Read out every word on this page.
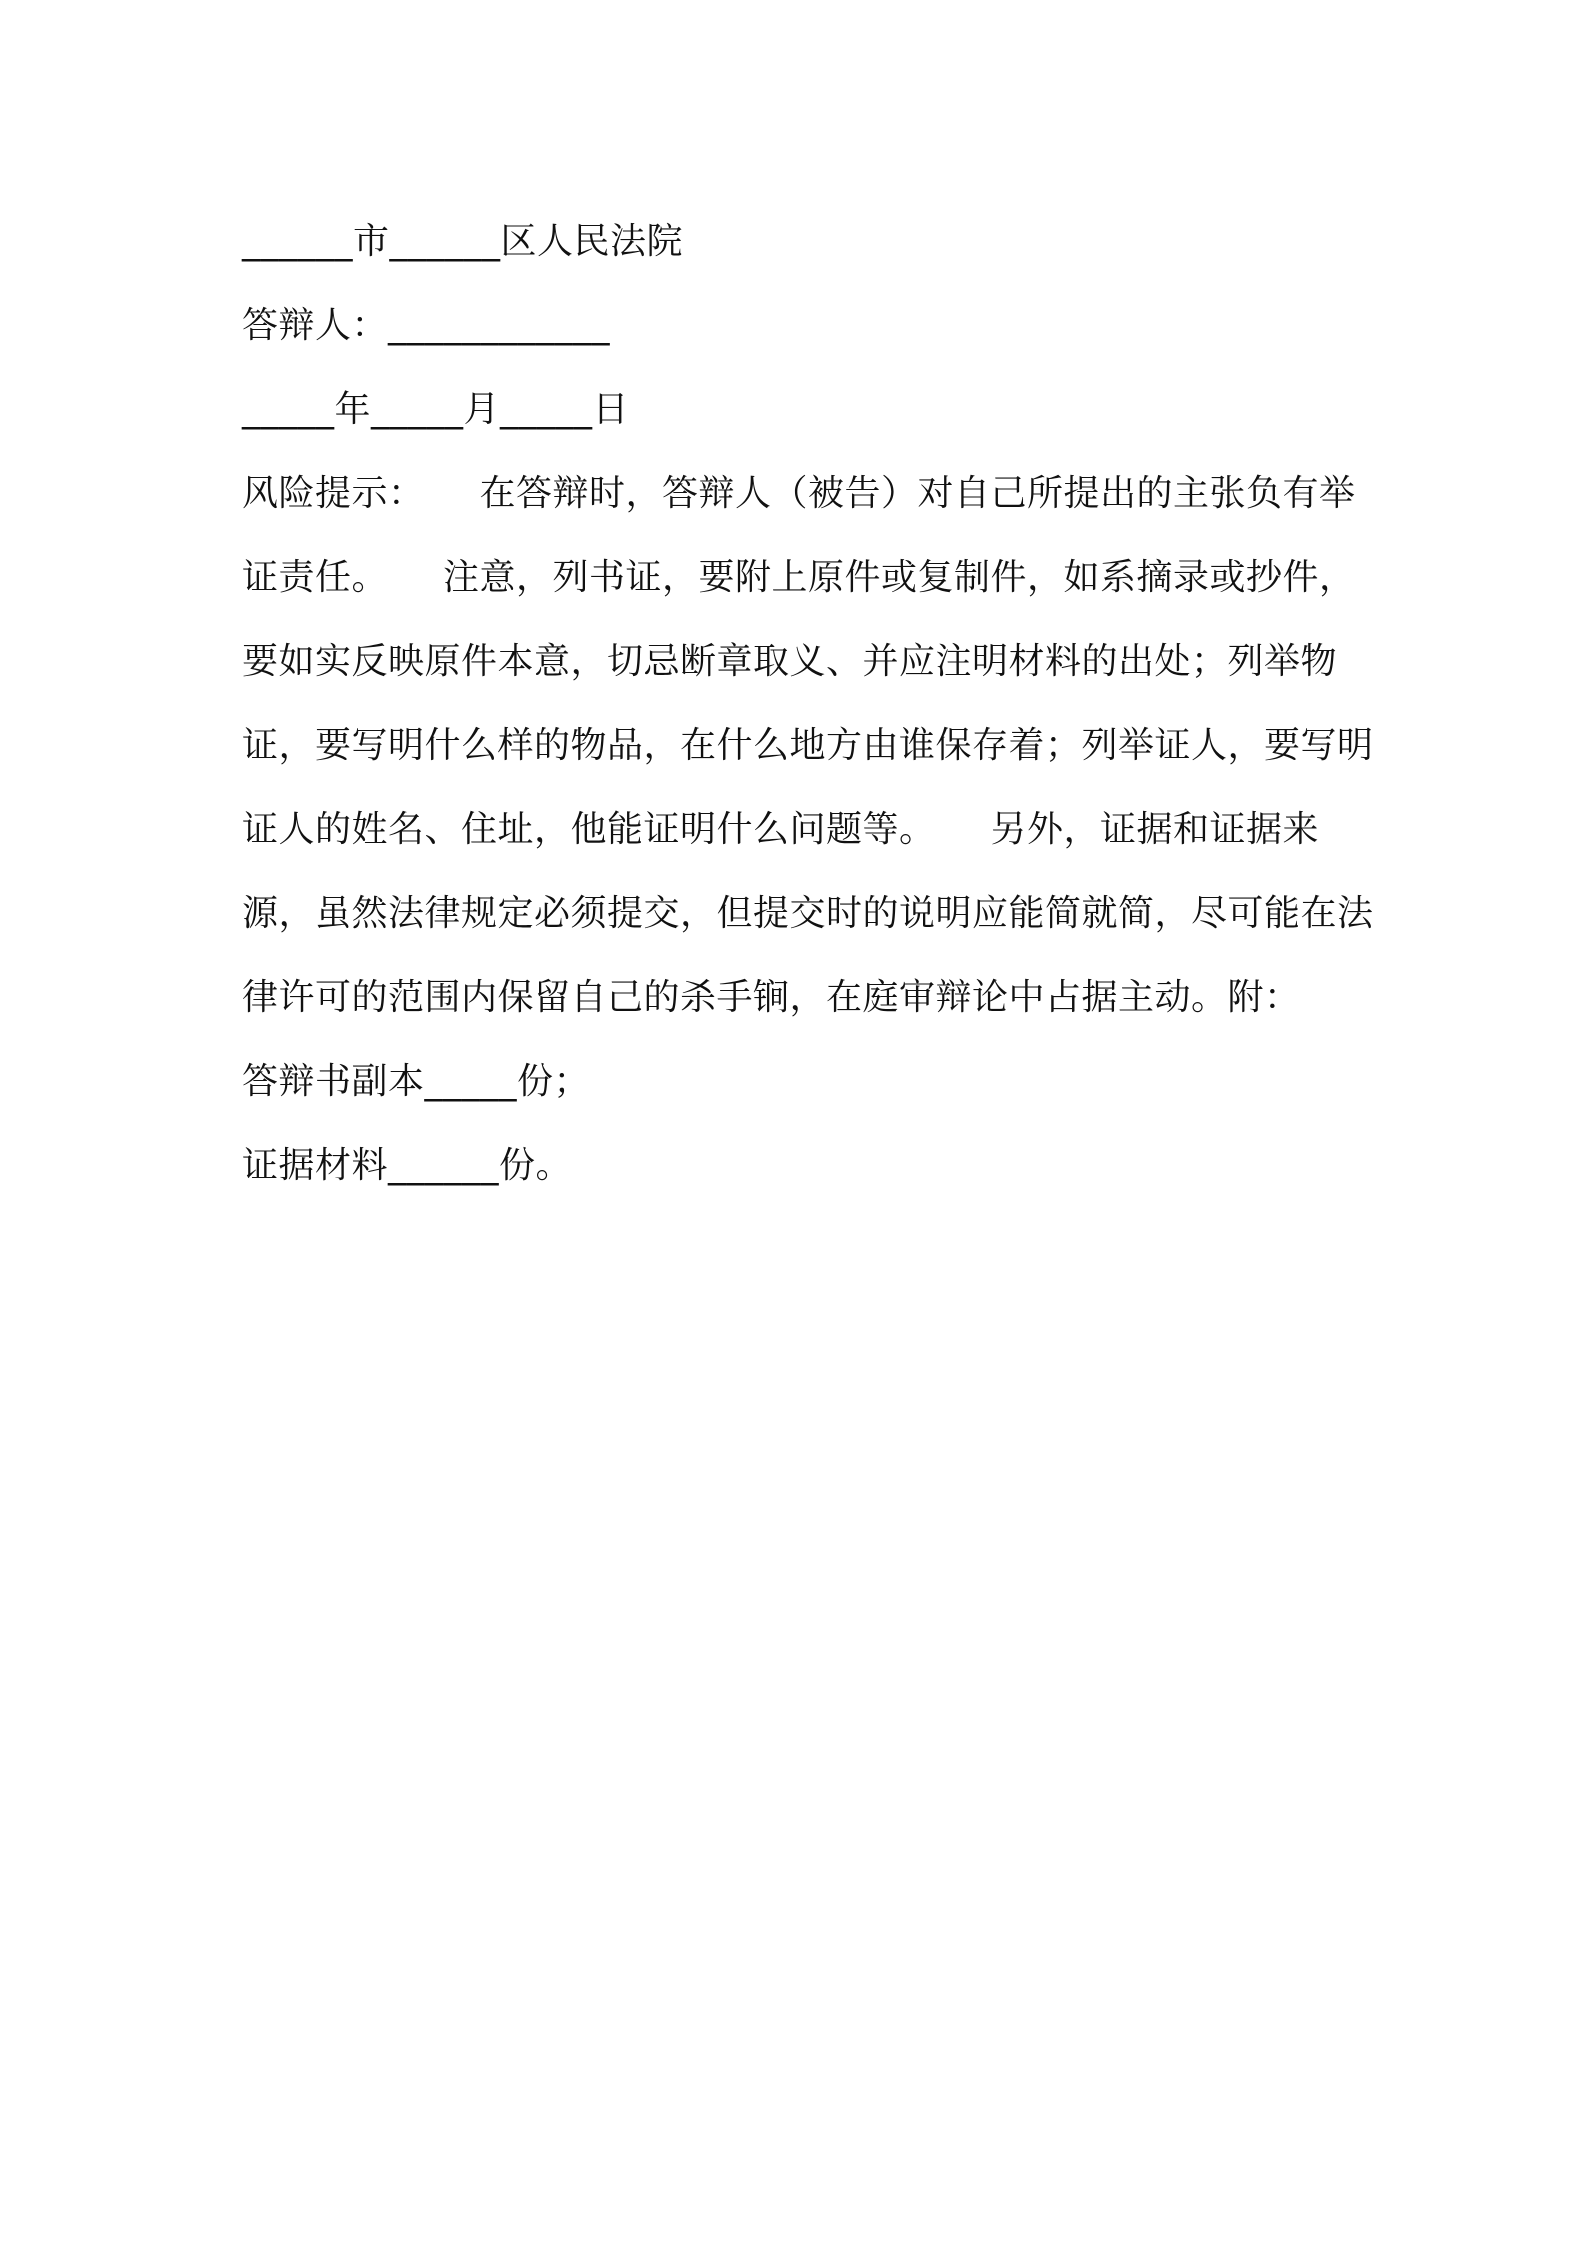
______市______区人民法院

答辩人：____________

_____年_____月_____日

风险提示：　　在答辩时，答辩人（被告）对自己所提出的主张负有举证责任。　　注意，列书证，要附上原件或复制件，如系摘录或抄件，要如实反映原件本意，切忌断章取义、并应注明材料的出处；列举物证，要写明什么样的物品，在什么地方由谁保存着；列举证人，要写明证人的姓名、住址，他能证明什么问题等。　　另外，证据和证据来源，虽然法律规定必须提交，但提交时的说明应能简就简，尽可能在法律许可的范围内保留自己的杀手锏，在庭审辩论中占据主动。附：

答辩书副本_____份；

证据材料______份。
